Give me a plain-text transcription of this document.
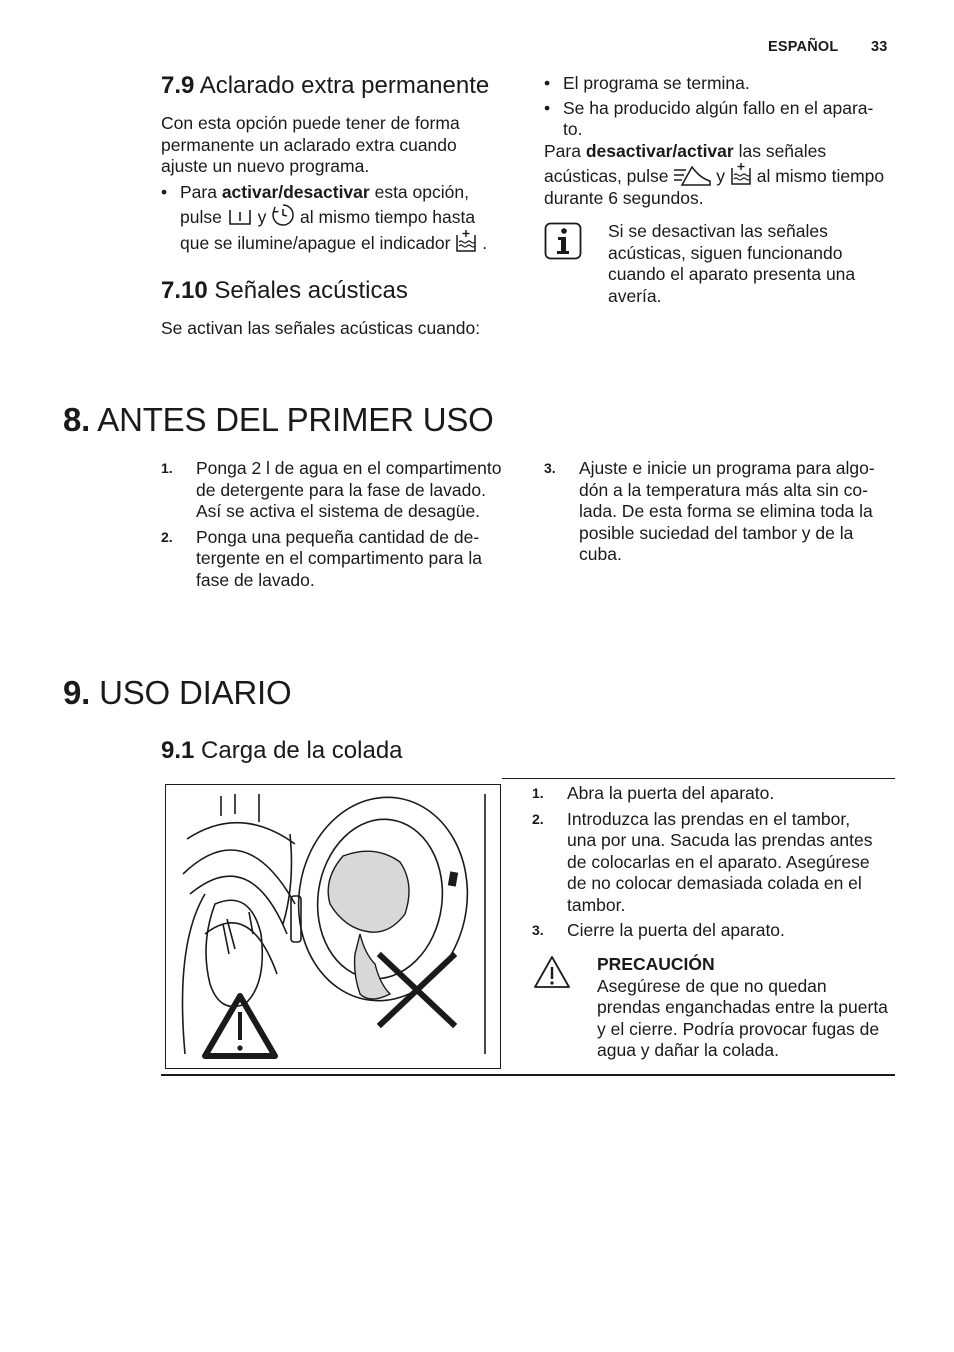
ESPAÑOL 33
7.9 Aclarado extra permanente
Con esta opción puede tener de forma permanente un aclarado extra cuando ajuste un nuevo programa.
• Para activar/desactivar esta opción, pulse  y  al mismo tiempo hasta que se ilumine/apague el indicador  .
7.10 Señales acústicas
Se activan las señales acústicas cuando:
• El programa se termina.
• Se ha producido algún fallo en el apara-
to.
Para desactivar/activar las señales acústicas, pulse  y  al mismo tiempo durante 6 segundos.
Si se desactivan las señales acústicas, siguen funcionando cuando el aparato presenta una avería.
8. ANTES DEL PRIMER USO
1. Ponga 2 l de agua en el compartimento de detergente para la fase de lavado. Así se activa el sistema de desagüe.
2. Ponga una pequeña cantidad de detergente en el compartimento para la fase de lavado.
3. Ajuste e inicie un programa para algodón a la temperatura más alta sin colada. De esta forma se elimina toda la posible suciedad del tambor y de la cuba.
9. USO DIARIO
9.1 Carga de la colada
1. Abra la puerta del aparato.
2. Introduzca las prendas en el tambor, una por una. Sacuda las prendas antes de colocarlas en el aparato. Asegúrese de no colocar demasiada colada en el tambor.
3. Cierre la puerta del aparato.
PRECAUCIÓN
Asegúrese de que no quedan prendas enganchadas entre la puerta y el cierre. Podría provocar fugas de agua y dañar la colada.
